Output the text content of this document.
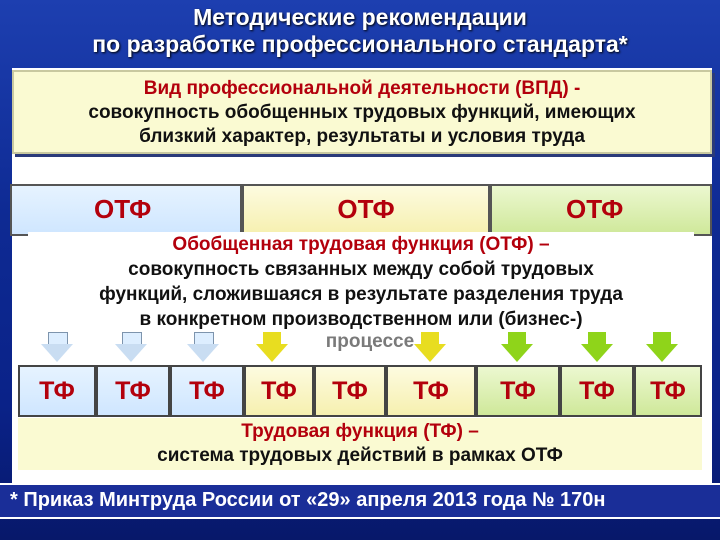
Методические рекомендации
по разработке профессионального стандарта*
Вид профессиональной деятельности (ВПД) -
совокупность обобщенных трудовых функций, имеющих
близкий характер, результаты и условия труда
ОТФ	ОТФ	ОТФ
Обобщенная трудовая функция (ОТФ) –
совокупность связанных между собой трудовых
функций, сложившаяся в результате разделения труда
в конкретном производственном или (бизнес-)
процессе
ТФ	ТФ	ТФ	ТФ	ТФ	ТФ	ТФ	ТФ	ТФ
Трудовая функция (ТФ) –
система трудовых действий в рамках ОТФ
* Приказ Минтруда России от «29» апреля 2013 года № 170н
